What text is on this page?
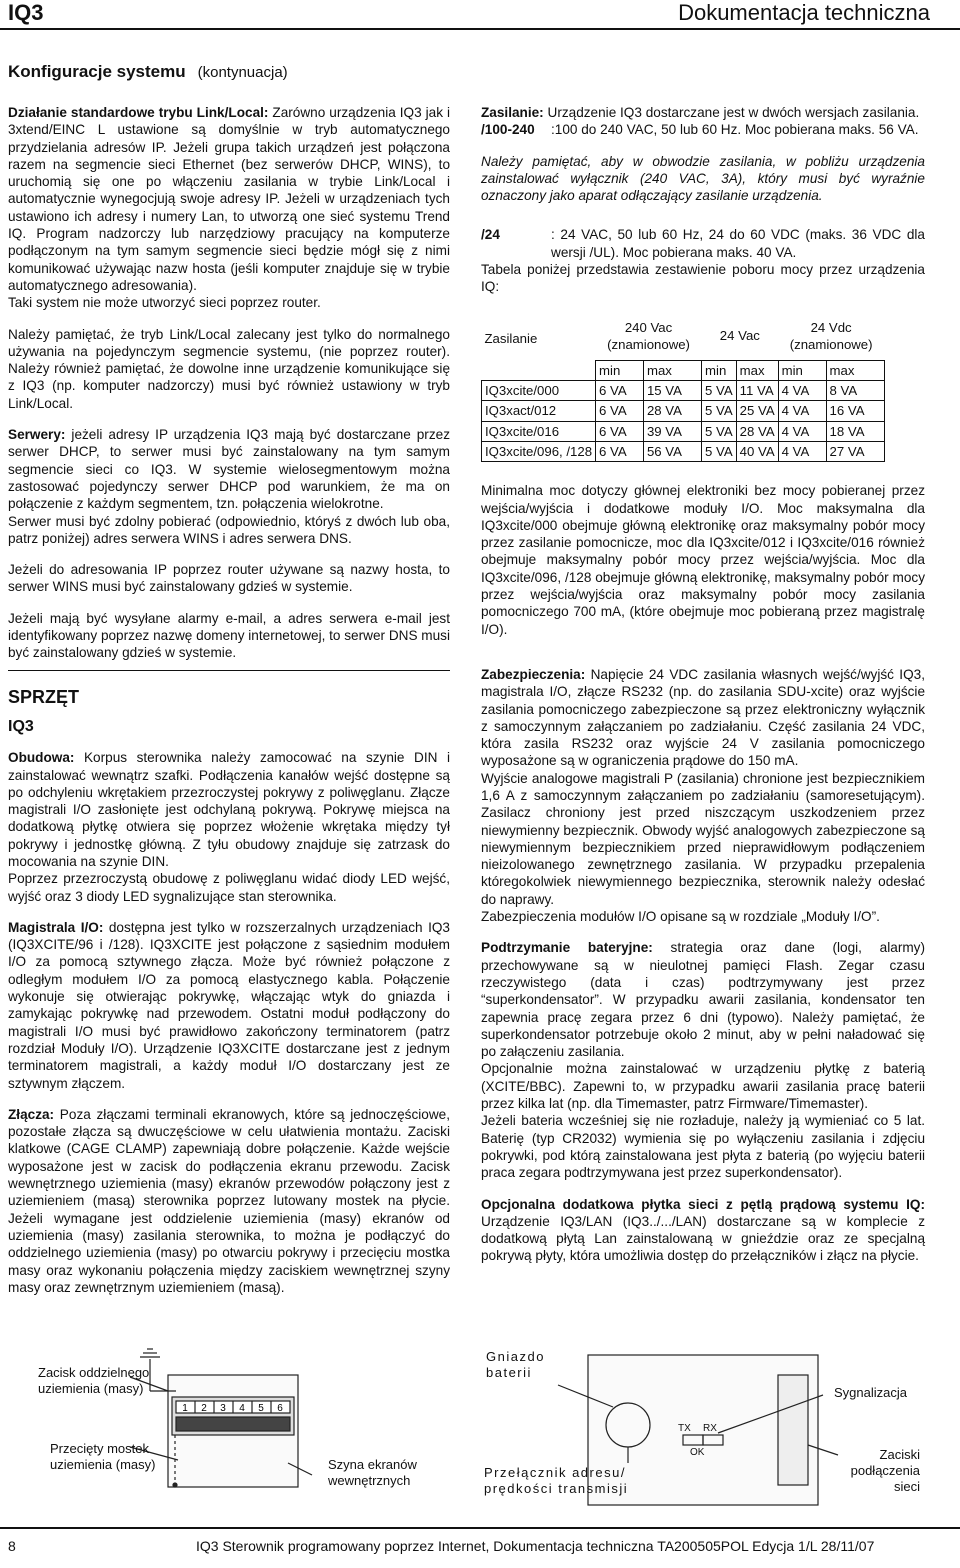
IQ3	Dokumentacja techniczna
Konfiguracje systemu (kontynuacja)

Działanie standardowe trybu Link/Local: Zarówno urządzenia IQ3 jak i 3xtend/EINC L ustawione są domyślnie w tryb automatycznego przydzielania adresów IP. Jeżeli grupa takich urządzeń jest połączona razem na segmencie sieci Ethernet (bez serwerów DHCP, WINS), to uruchomią się one po włączeniu zasilania w trybie Link/Local i automatycznie wynegocjują swoje adresy IP. Jeżeli w urządzeniach tych ustawiono ich adresy i numery Lan, to utworzą one sieć systemu Trend IQ. Program nadzorczy lub narzędziowy pracujący na komputerze podłączonym na tym samym segmencie sieci będzie mógł się z nimi komunikować używając nazw hosta (jeśli komputer znajduje się w trybie automatycznego adresowania).

Taki system nie może utworzyć sieci poprzez router.

Należy pamiętać, że tryb Link/Local zalecany jest tylko do normalnego używania na pojedynczym segmencie systemu, (nie poprzez router). Należy również pamiętać, że dowolne inne urządzenie komunikujące się z IQ3 (np. komputer nadzorczy) musi być również ustawiony w tryb Link/Local.

Serwery: jeżeli adresy IP urządzenia IQ3 mają być dostarczane przez serwer DHCP, to serwer musi być zainstalowany na tym samym segmencie sieci co IQ3. W systemie wielosegmentowym można zastosować pojedynczy serwer DHCP pod warunkiem, że ma on połączenie z każdym segmentem, tzn. połączenia wielokrotne.

Serwer musi być zdolny pobierać (odpowiednio, któryś z dwóch lub oba, patrz poniżej) adres serwera WINS i adres serwera DNS.

Jeżeli do adresowania IP poprzez router używane są nazwy hosta, to serwer WINS musi być zainstalowany gdzieś w systemie.

Jeżeli mają być wysyłane alarmy e-mail, a adres serwera e-mail jest identyfikowany poprzez nazwę domeny internetowej, to serwer DNS musi być zainstalowany gdzieś w systemie.

SPRZĘT
IQ3

Obudowa: Korpus sterownika należy zamocować na szynie DIN i zainstalować wewnątrz szafki. Podłączenia kanałów wejść dostępne są po odchyleniu wkrętakiem przezroczystej pokrywy z poliwęglanu. Złącze magistrali I/O zasłonięte jest odchylaną pokrywą. Pokrywę miejsca na dodatkową płytkę otwiera się poprzez włożenie wkrętaka między tył pokrywy i jednostkę główną. Z tyłu obudowy znajduje się zatrzask do mocowania na szynie DIN.

Poprzez przezroczystą obudowę z poliwęglanu widać diody LED wejść, wyjść oraz 3 diody LED sygnalizujące stan sterownika.

Magistrala I/O: dostępna jest tylko w rozszerzalnych urządzeniach IQ3 (IQ3XCITE/96 i /128). IQ3XCITE jest połączone z sąsiednim modułem I/O za pomocą sztywnego złącza. Może być również połączone z odległym modułem I/O za pomocą elastycznego kabla. Połączenie wykonuje się otwierając pokrywkę, włączając wtyk do gniazda i zamykając pokrywkę nad przewodem. Ostatni moduł podłączony do magistrali I/O musi być prawidłowo zakończony terminatorem (patrz rozdział Moduły I/O). Urządzenie IQ3XCITE dostarczane jest z jednym terminatorem magistrali, a każdy moduł I/O dostarczany jest ze sztywnym złączem.

Złącza: Poza złączami terminali ekranowych, które są jednoczęściowe, pozostałe złącza są dwuczęściowe w celu ułatwienia montażu. Zaciski klatkowe (CAGE CLAMP) zapewniają dobre połączenie. Każde wejście wyposażone jest w zacisk do podłączenia ekranu przewodu. Zacisk wewnętrznego uziemienia (masy) ekranów przewodów połączony jest z uziemieniem (masą) sterownika poprzez lutowany mostek na płycie. Jeżeli wymagane jest oddzielenie uziemienia (masy) ekranów od uziemienia (masy) zasilania sterownika, to można je podłączyć do oddzielnego uziemienia (masy) po otwarciu pokrywy i przecięciu mostka masy oraz wykonaniu połączenia między zaciskiem wewnętrznej szyny masy oraz zewnętrznym uziemieniem (masą).

Zasilanie: Urządzenie IQ3 dostarczane jest w dwóch wersjach zasilania.

/100-240	:100 do 240 VAC, 50 lub 60 Hz. Moc pobierana maks. 56 VA.

Należy pamiętać, aby w obwodzie zasilania, w pobliżu urządzenia zainstalować wyłącznik (240 VAC, 3A), który musi być wyraźnie oznaczony jako aparat odłączający zasilanie urządzenia.

/24	: 24 VAC, 50 lub 60 Hz, 24 do 60 VDC (maks. 36 VDC dla wersji /UL). Moc pobierana maks. 40 VA.

Tabela poniżej przedstawia zestawienie poboru mocy przez urządzenia IQ:

Zasilanie	240 Vac (znamionowe)		24 Vac		24 Vdc (znamionowe)	

	min	max	min	max	min	max
IQ3xcite/000	6 VA	15 VA	5 VA	11 VA	4 VA	8 VA
IQ3xact/012	6 VA	28 VA	5 VA	25 VA	4 VA	16 VA
IQ3xcite/016	6 VA	39 VA	5 VA	28 VA	4 VA	18 VA
IQ3xcite/096, /128	6 VA	56 VA	5 VA	40 VA	4 VA	27 VA

Minimalna moc dotyczy głównej elektroniki bez mocy pobieranej przez wejścia/wyjścia i dodatkowe moduły I/O. Moc maksymalna dla IQ3xcite/000 obejmuje główną elektronikę oraz maksymalny pobór mocy przez zasilanie pomocnicze, moc dla IQ3xcite/012 i IQ3xcite/016 również obejmuje maksymalny pobór mocy przez wejścia/wyjścia. Moc dla IQ3xcite/096, /128 obejmuje główną elektronikę, maksymalny pobór mocy przez wejścia/wyjścia oraz maksymalny pobór mocy zasilania pomocniczego 700 mA, (które obejmuje moc pobieraną przez magistralę I/O).

Zabezpieczenia: Napięcie 24 VDC zasilania własnych wejść/wyjść IQ3, magistrala I/O, złącze RS232 (np. do zasilania SDU-xcite) oraz wyjście zasilania pomocniczego zabezpieczone są przez elektroniczny wyłącznik z samoczynnym załączaniem po zadziałaniu. Część zasilania 24 VDC, która zasila RS232 oraz wyjście 24 V zasilania pomocniczego wyposażone są w ograniczenia prądowe do 150 mA.

Wyjście analogowe magistrali P (zasilania) chronione jest bezpiecznikiem 1,6 A z samoczynnym załączaniem po zadziałaniu (samoresetującym). Zasilacz chroniony jest przed niszczącym uszkodzeniem przez niewymienny bezpiecznik. Obwody wyjść analogowych zabezpieczone są niewymiennym bezpiecznikiem przed nieprawidłowym podłączeniem nieizolowanego zewnętrznego zasilania. W przypadku przepalenia któregokolwiek niewymiennego bezpiecznika, sterownik należy odesłać do naprawy.

Zabezpieczenia modułów I/O opisane są w rozdziale „Moduły I/O”.

Podtrzymanie bateryjne: strategia oraz dane (logi, alarmy) przechowywane są w nieulotnej pamięci Flash. Zegar czasu rzeczywistego (data i czas) podtrzymywany jest przez “superkondensator”. W przypadku awarii zasilania, kondensator ten zapewnia pracę zegara przez 6 dni (typowo). Należy pamiętać, że superkondensator potrzebuje około 2 minut, aby w pełni naładować się po załączeniu zasilania.

Opcjonalnie można zainstalować w urządzeniu płytkę z baterią (XCITE/BBC). Zapewni to, w przypadku awarii zasilania pracę baterii przez kilka lat (np. dla Timemaster, patrz Firmware/Timemaster).

Jeżeli bateria wcześniej się nie rozładuje, należy ją wymieniać co 5 lat. Baterię (typ CR2032) wymienia się po wyłączeniu zasilania i zdjęciu pokrywki, pod którą zainstalowana jest płyta z baterią (po wyjęciu baterii praca zegara podtrzymywana jest przez superkondensator).

Opcjonalna dodatkowa płytka sieci z pętlą prądową systemu IQ: Urządzenie IQ3/LAN (IQ3../.../LAN) dostarczane są w komplecie z dodatkową płytą Lan zainstalowaną w gnieździe oraz ze specjalną pokrywą płyty, która umożliwia dostęp do przełączników i złącz na płycie.

1 2 3 4 5 6
Zacisk oddzielnego uziemienia (masy)
Przecięty mostek uziemienia (masy)	Szyna ekranów wewnętrznych
Gniazdo baterii
Sygnalizacja
Przełącznik adresu/ prędkości transmisji
Zaciski podłączenia sieci
TX RX
OK
8	IQ3 Sterownik programowany poprzez Internet, Dokumentacja techniczna TA200505POL Edycja 1/L 28/11/07
